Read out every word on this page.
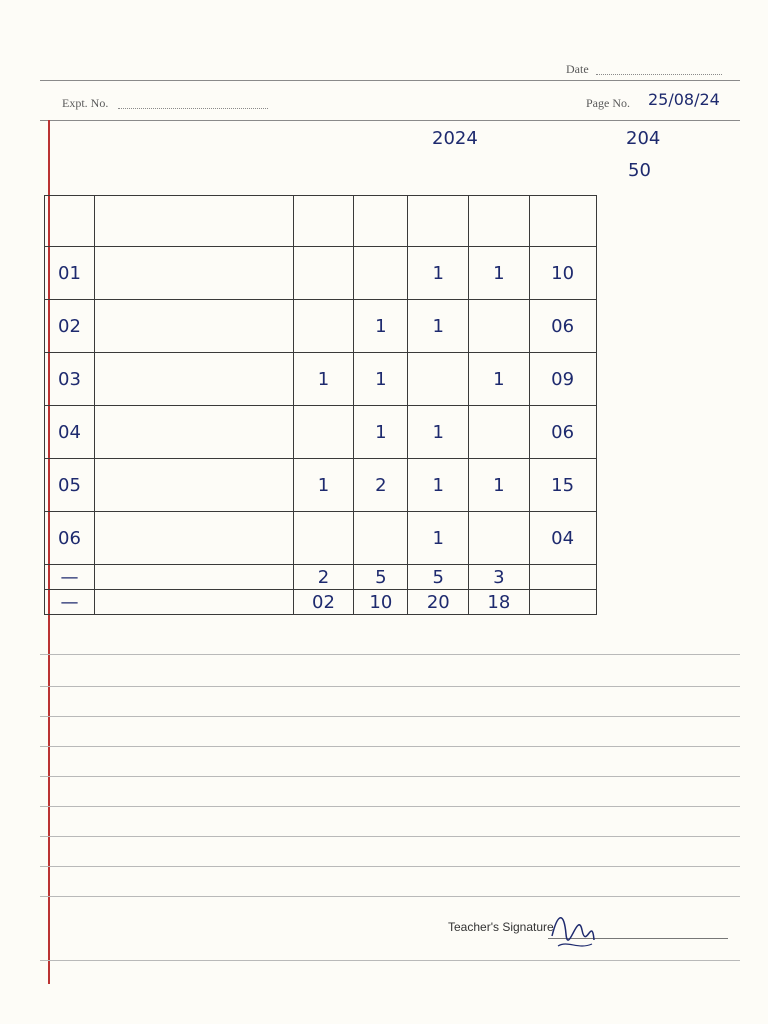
Date
Expt. No.	Page No. 25/08/24
2024	204
50

01				1	1	10	
02			1	1		06	
03		1	1		1	09	
04			1	1		06	
05		1	2	1	1	15	
06				1		04	
—		2	5	5	3		
—		02	10	20	18		
Teacher's Signature
